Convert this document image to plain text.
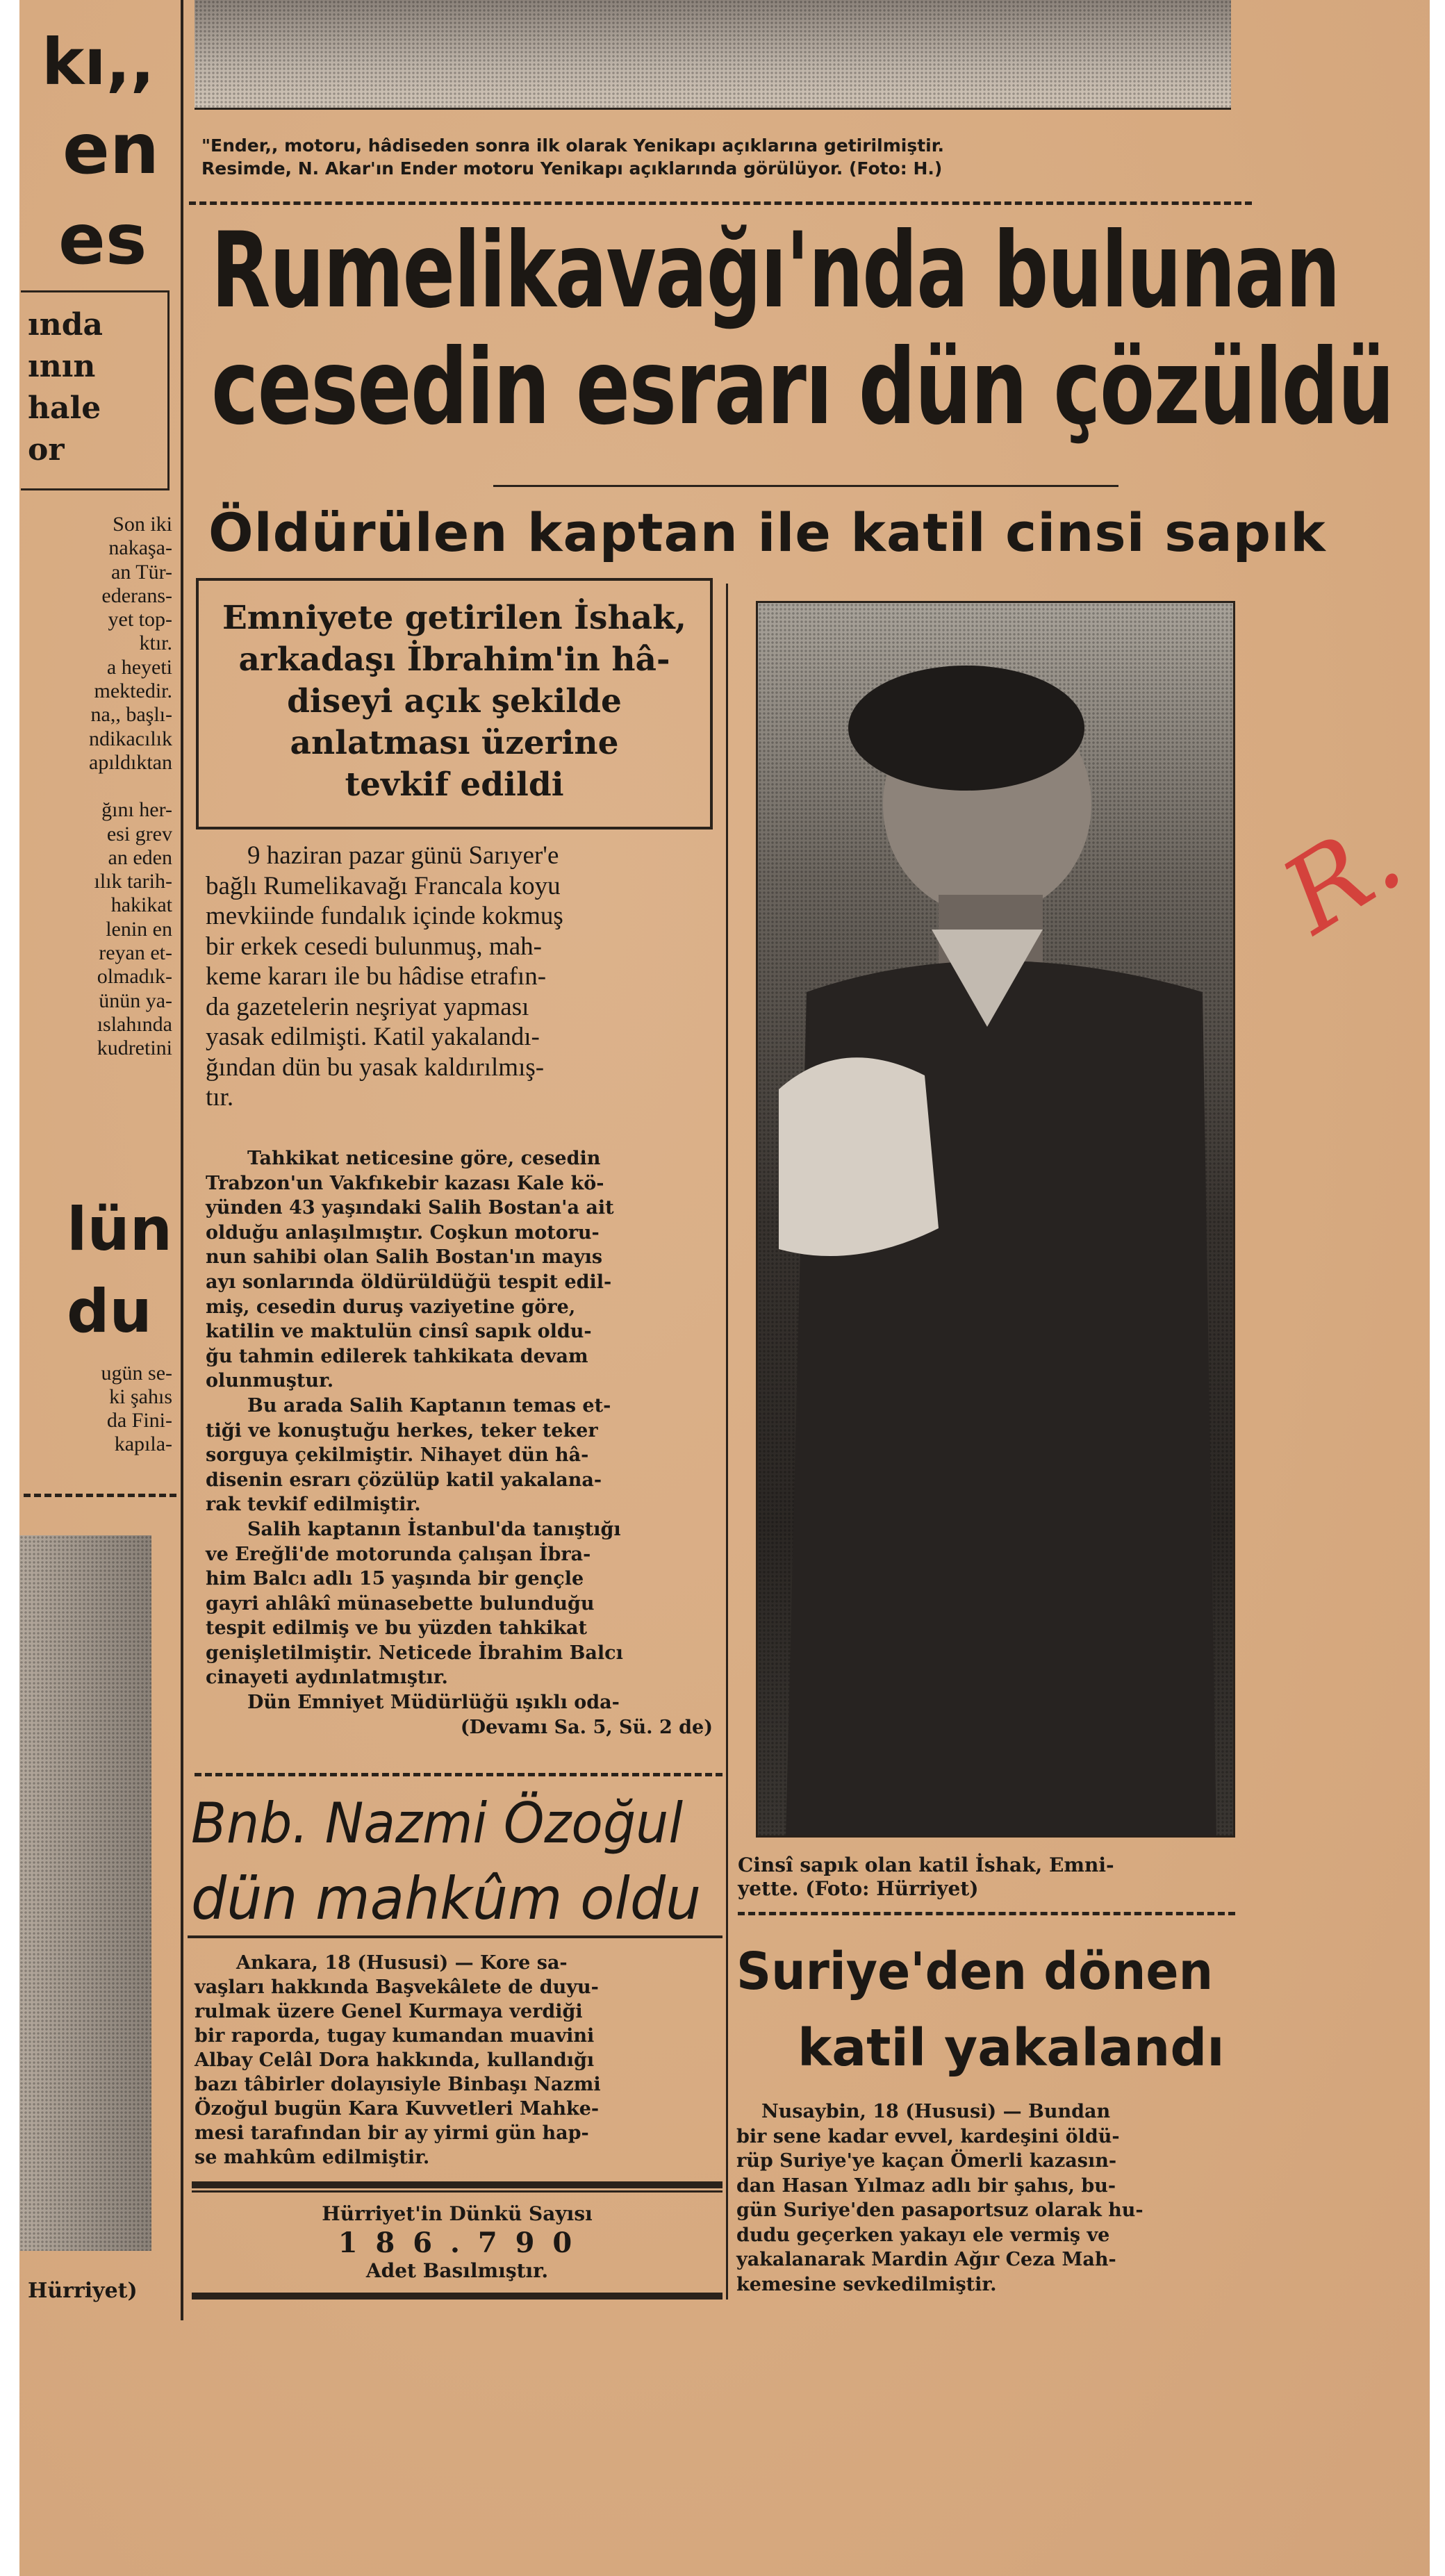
"Ender,, motoru, hâdiseden sonra ilk olarak Yenikapı açıklarına getirilmiştir.
Resimde, N. Akar'ın Ender motoru Yenikapı açıklarında görülüyor. (Foto: H.)
Rumelikavağı'nda bulunan
cesedin esrarı dün çözüldü
Öldürülen kaptan ile katil cinsi sapık
Emniyete getirilen İshak,
arkadaşı İbrahim'in hâ-
diseyi açık şekilde
anlatması üzerine
tevkif edildi
9 haziran pazar günü Sarıyer'e
bağlı Rumelikavağı Francala koyu
mevkiinde fundalık içinde kokmuş
bir erkek cesedi bulunmuş, mah-
keme kararı ile bu hâdise etrafın-
da gazetelerin neşriyat yapması
yasak edilmişti. Katil yakalandı-
ğından dün bu yasak kaldırılmış-
tır.
Tahkikat neticesine göre, cesedin
Trabzon'un Vakfıkebir kazası Kale kö-
yünden 43 yaşındaki Salih Bostan'a ait
olduğu anlaşılmıştır. Coşkun motoru-
nun sahibi olan Salih Bostan'ın mayıs
ayı sonlarında öldürüldüğü tespit edil-
miş, cesedin duruş vaziyetine göre,
katilin ve maktulün cinsî sapık oldu-
ğu tahmin edilerek tahkikata devam
olunmuştur.
Bu arada Salih Kaptanın temas et-
tiği ve konuştuğu herkes, teker teker
sorguya çekilmiştir. Nihayet dün hâ-
disenin esrarı çözülüp katil yakalana-
rak tevkif edilmiştir.
Salih kaptanın İstanbul'da tanıştığı
ve Ereğli'de motorunda çalışan İbra-
him Balcı adlı 15 yaşında bir gençle
gayri ahlâkî münasebette bulunduğu
tespit edilmiş ve bu yüzden tahkikat
genişletilmiştir. Neticede İbrahim Balcı
cinayeti aydınlatmıştır.
Dün Emniyet Müdürlüğü ışıklı oda-
(Devamı Sa. 5, Sü. 2 de)
Cinsî sapık olan katil İshak, Emni-
yette. (Foto: Hürriyet)
Bnb. Nazmi Özoğul
dün mahkûm oldu
Ankara, 18 (Hususi) — Kore sa-
vaşları hakkında Başvekâlete de duyu-
rulmak üzere Genel Kurmaya verdiği
bir raporda, tugay kumandan muavini
Albay Celâl Dora hakkında, kullandığı
bazı tâbirler dolayısiyle Binbaşı Nazmi
Özoğul bugün Kara Kuvvetleri Mahke-
mesi tarafından bir ay yirmi gün hap-
se mahkûm edilmiştir.
Hürriyet'in Dünkü Sayısı
1 8 6 . 7 9 0
Adet Basılmıştır.
Suriye'den dönen
katil yakalandı
Nusaybin, 18 (Hususi) — Bundan
bir sene kadar evvel, kardeşini öldü-
rüp Suriye'ye kaçan Ömerli kazasın-
dan Hasan Yılmaz adlı bir şahıs, bu-
gün Suriye'den pasaportsuz olarak hu-
dudu geçerken yakayı ele vermiş ve
yakalanarak Mardin Ağır Ceza Mah-
kemesine sevkedilmiştir.
kı,,
en
es
ında
ının
hale
or
Son iki
nakaşa-
an Tür-
ederans-
yet top-
ktır.
a heyeti
mektedir.
na,, başlı-
ndikacılık
apıldıktan
ğını her-
esi grev
an eden
ılık tarih-
hakikat
lenin en
reyan et-
olmadık-
ünün ya-
ıslahında
kudretini
lün
du
ugün se-
ki şahıs
da Fini-
kapıla-
Hürriyet)
R.
